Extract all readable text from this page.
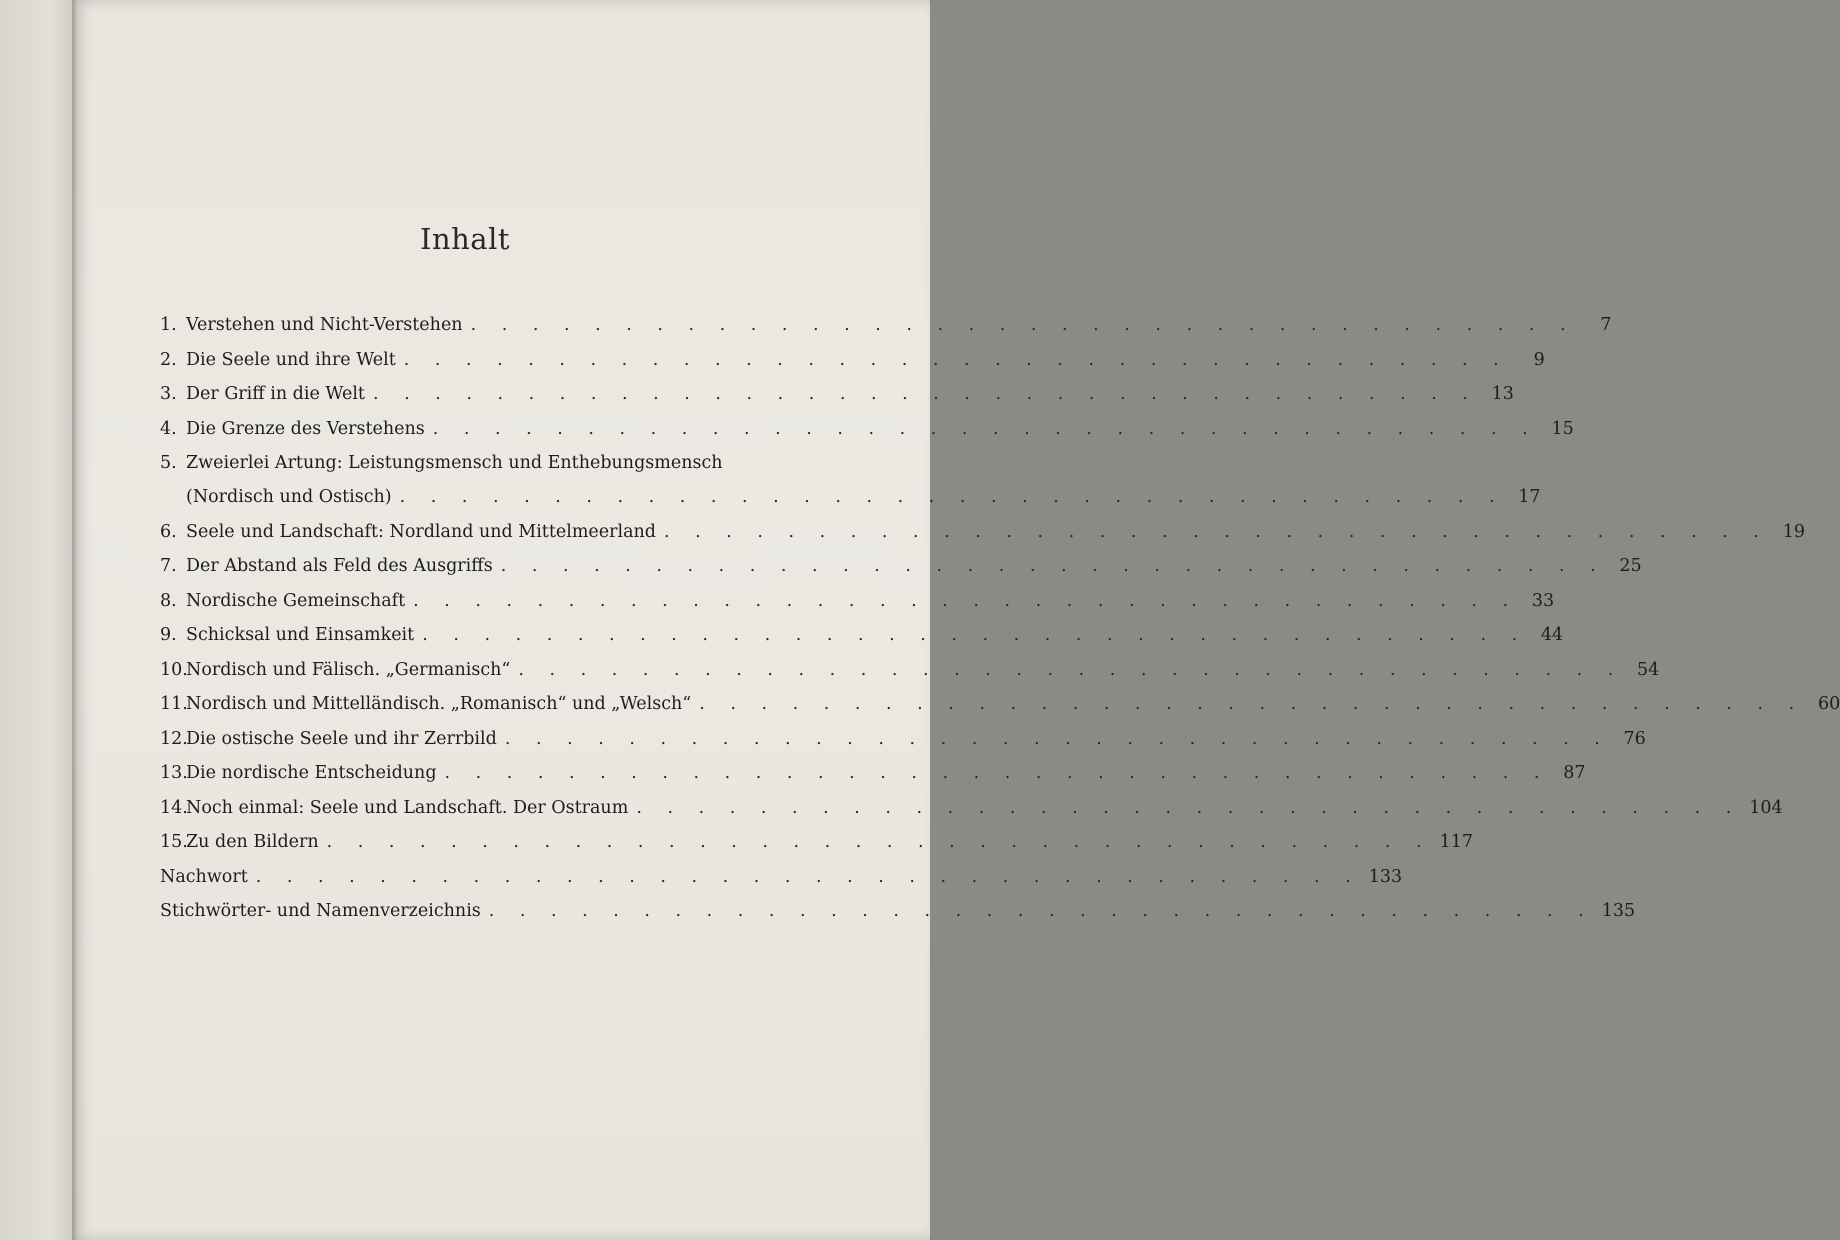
Inhalt
1. Verstehen und Nicht-Verstehen . . . . . . . . . . . . . . . . . . . . . . . . . . . . . . . . . . . .	7
2. Die Seele und ihre Welt . . . . . . . . . . . . . . . . . . . . . . . . . . . . . . . . . . . .	9
3. Der Griff in die Welt . . . . . . . . . . . . . . . . . . . . . . . . . . . . . . . . . . . . 13
4. Die Grenze des Verstehens . . . . . . . . . . . . . . . . . . . . . . . . . . . . . . . . . . . . 15
5. Zweierlei Artung: Leistungsmensch und Enthebungsmensch
(Nordisch und Ostisch) . . . . . . . . . . . . . . . . . . . . . . . . . . . . . . . . . . . . 17
6. Seele und Landschaft: Nordland und Mittelmeerland . . . . . . . . . . . . . . . . . . . . . . . . . . . . . . . . . . . . 19
7. Der Abstand als Feld des Ausgriffs . . . . . . . . . . . . . . . . . . . . . . . . . . . . . . . . . . . . 25
8. Nordische Gemeinschaft . . . . . . . . . . . . . . . . . . . . . . . . . . . . . . . . . . . . 33
9. Schicksal und Einsamkeit . . . . . . . . . . . . . . . . . . . . . . . . . . . . . . . . . . . . 44
10.
Nordisch und Fälisch. „Germanisch“ . . . . . . . . . . . . . . . . . . . . . . . . . . . . . . . . . . . . 54
11.
Nordisch und Mittelländisch. „Romanisch“ und „Welsch“ . . . . . . . . . . . . . . . . . . . . . . . . . . . . . . . . . . . . 60
12.
Die ostische Seele und ihr Zerrbild . . . . . . . . . . . . . . . . . . . . . . . . . . . . . . . . . . . . 76
13.
Die nordische Entscheidung . . . . . . . . . . . . . . . . . . . . . . . . . . . . . . . . . . . . 87
14.
Noch einmal: Seele und Landschaft. Der Ostraum . . . . . . . . . . . . . . . . . . . . . . . . . . . . . . . . . . . . 104
15.
Zu den Bildern . . . . . . . . . . . . . . . . . . . . . . . . . . . . . . . . . . . . 117
Nachwort . . . . . . . . . . . . . . . . . . . . . . . . . . . . . . . . . . . . 133
Stichwörter- und Namenverzeichnis . . . . . . . . . . . . . . . . . . . . . . . . . . . . . . . . . . . . 135
